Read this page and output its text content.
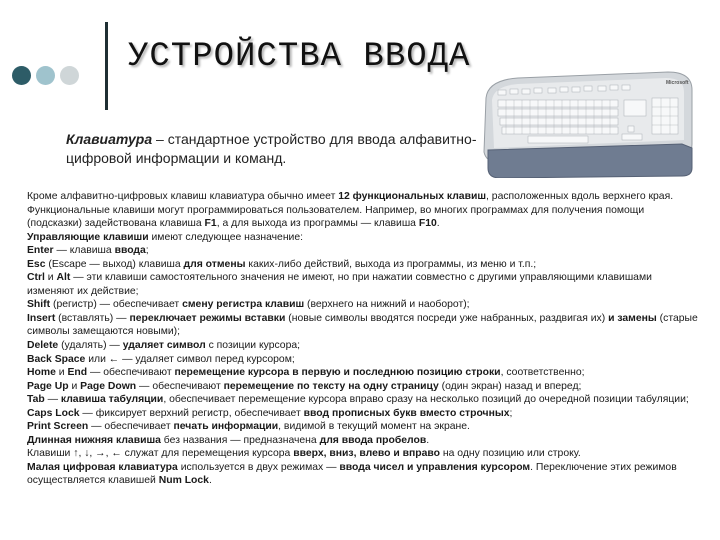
УСТРОЙСТВА ВВОДА
Microsoft
Клавиатура – стандартное устройство для ввода алфавитно-цифровой информации и команд.

Кроме алфавитно-цифровых клавиш клавиатура обычно имеет 12 функциональных клавиш, расположенных вдоль верхнего края. Функциональные клавиши могут программироваться пользователем. Например, во многих программах для получения помощи (подсказки) задействована клавиша F1, а для выхода из программы — клавиша F10.

Управляющие клавиши имеют следующее назначение:

Enter — клавиша ввода;

Esc (Escape — выход) клавиша для отмены каких-либо действий, выхода из программы, из меню и т.п.;

Ctrl и Alt — эти клавиши самостоятельного значения не имеют, но при нажатии совместно с другими управляющими клавишами изменяют их действие;

Shift (регистр) — обеспечивает смену регистра клавиш (верхнего на нижний и наоборот);

Insert (вставлять) — переключает режимы вставки (новые символы вводятся посреди уже набранных, раздвигая их) и замены (старые символы замещаются новыми);

Delete (удалять) — удаляет символ с позиции курсора;

Back Space или ← — удаляет символ перед курсором;

Home и End — обеспечивают перемещение курсора в первую и последнюю позицию строки, соответственно;

Page Up и Page Down — обеспечивают перемещение по тексту на одну страницу (один экран) назад и вперед;

Tab — клавиша табуляции, обеспечивает перемещение курсора вправо сразу на несколько позиций до очередной позиции табуляции;

Caps Lock — фиксирует верхний регистр, обеспечивает ввод прописных букв вместо строчных;

Print Screen — обеспечивает печать информации, видимой в текущий момент на экране.

Длинная нижняя клавиша без названия — предназначена для ввода пробелов.

Клавиши ↑, ↓, →, ← служат для перемещения курсора вверх, вниз, влево и вправо на одну позицию или строку.

Малая цифровая клавиатура используется в двух режимах — ввода чисел и управления курсором. Переключение этих режимов осуществляется клавишей Num Lock.
